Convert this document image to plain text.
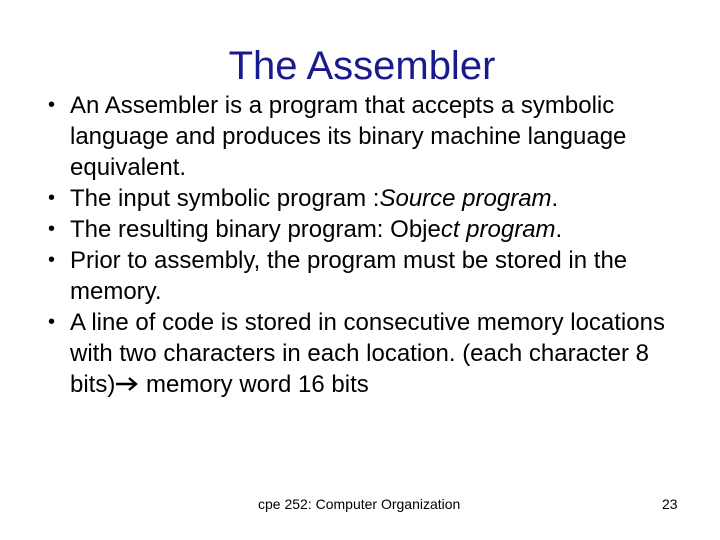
The Assembler
• An Assembler is a program that accepts a symbolic language and produces its binary machine language equivalent.
• The input symbolic program :Source program.
• The resulting binary program: Object program.
• Prior to assembly, the program must be stored in the memory.
• A line of code is stored in consecutive memory locations with two characters in each location. (each character 8 bits) memory word 16 bits
cpe 252: Computer Organization	23
